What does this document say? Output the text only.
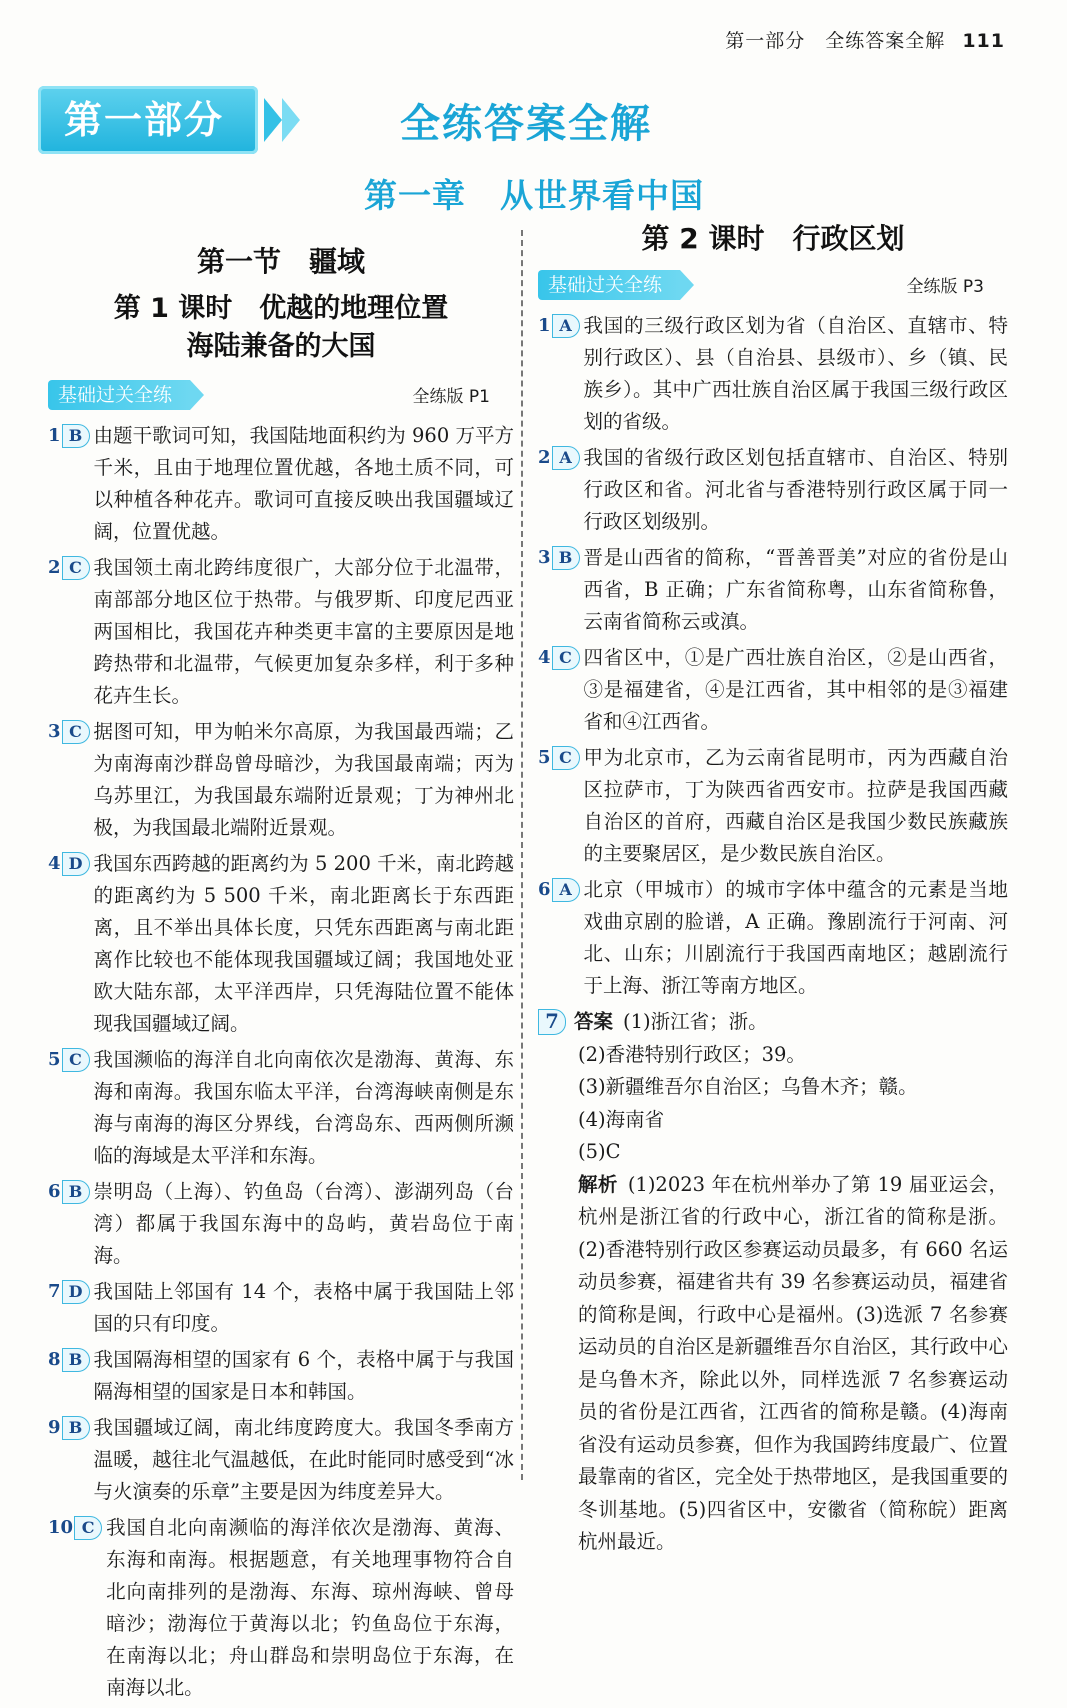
第一部分　全练答案全解 111
第一部分	全练答案全解
第一章　从世界看中国
第一节　疆域
第 1 课时　优越的地理位置
海陆兼备的大国
基础过关全练	全练版 P1
1 B 由题干歌词可知，我国陆地面积约为 960 万平方千米，且由于地理位置优越，各地土质不同，可以种植各种花卉。歌词可直接反映出我国疆域辽阔，位置优越。
2 C 我国领土南北跨纬度很广，大部分位于北温带，南部部分地区位于热带。与俄罗斯、印度尼西亚两国相比，我国花卉种类更丰富的主要原因是地跨热带和北温带，气候更加复杂多样，利于多种花卉生长。
3 C 据图可知，甲为帕米尔高原，为我国最西端；乙为南海南沙群岛曾母暗沙，为我国最南端；丙为乌苏里江，为我国最东端附近景观；丁为神州北极，为我国最北端附近景观。
4 D 我国东西跨越的距离约为 5 200 千米，南北跨越的距离约为 5 500 千米，南北距离长于东西距离，且不举出具体长度，只凭东西距离与南北距离作比较也不能体现我国疆域辽阔；我国地处亚欧大陆东部，太平洋西岸，只凭海陆位置不能体现我国疆域辽阔。
5 C 我国濒临的海洋自北向南依次是渤海、黄海、东海和南海。我国东临太平洋，台湾海峡南侧是东海与南海的海区分界线，台湾岛东、西两侧所濒临的海域是太平洋和东海。
6 B 崇明岛（上海）、钓鱼岛（台湾）、澎湖列岛（台湾）都属于我国东海中的岛屿，黄岩岛位于南海。
7 D 我国陆上邻国有 14 个，表格中属于我国陆上邻国的只有印度。
8 B 我国隔海相望的国家有 6 个，表格中属于与我国隔海相望的国家是日本和韩国。
9 B 我国疆域辽阔，南北纬度跨度大。我国冬季南方温暖，越往北气温越低，在此时能同时感受到“冰与火演奏的乐章”主要是因为纬度差异大。
10 C 我国自北向南濒临的海洋依次是渤海、黄海、东海和南海。根据题意，有关地理事物符合自北向南排列的是渤海、东海、琼州海峡、曾母暗沙；渤海位于黄海以北；钓鱼岛位于东海，在南海以北；舟山群岛和崇明岛位于东海，在南海以北。
第 2 课时　行政区划
基础过关全练	全练版 P3
1 A 我国的三级行政区划为省（自治区、直辖市、特别行政区）、县（自治县、县级市）、乡（镇、民族乡）。其中广西壮族自治区属于我国三级行政区划的省级。
2 A 我国的省级行政区划包括直辖市、自治区、特别行政区和省。河北省与香港特别行政区属于同一行政区划级别。
3 B 晋是山西省的简称，“晋善晋美”对应的省份是山西省，B 正确；广东省简称粤，山东省简称鲁，云南省简称云或滇。
4 C 四省区中，①是广西壮族自治区，②是山西省，③是福建省，④是江西省，其中相邻的是③福建省和④江西省。
5 C 甲为北京市，乙为云南省昆明市，丙为西藏自治区拉萨市，丁为陕西省西安市。拉萨是我国西藏自治区的首府，西藏自治区是我国少数民族藏族的主要聚居区，是少数民族自治区。
6 A 北京（甲城市）的城市字体中蕴含的元素是当地戏曲京剧的脸谱，A 正确。豫剧流行于河南、河北、山东；川剧流行于我国西南地区；越剧流行于上海、浙江等南方地区。
7 答案 (1)浙江省；浙。
(2)香港特别行政区；39。
(3)新疆维吾尔自治区；乌鲁木齐；赣。
(4)海南省
(5)C
解析 (1)2023 年在杭州举办了第 19 届亚运会，杭州是浙江省的行政中心，浙江省的简称是浙。(2)香港特别行政区参赛运动员最多，有 660 名运动员参赛，福建省共有 39 名参赛运动员，福建省的简称是闽，行政中心是福州。(3)选派 7 名参赛运动员的自治区是新疆维吾尔自治区，其行政中心是乌鲁木齐，除此以外，同样选派 7 名参赛运动员的省份是江西省，江西省的简称是赣。(4)海南省没有运动员参赛，但作为我国跨纬度最广、位置最靠南的省区，完全处于热带地区，是我国重要的冬训基地。(5)四省区中，安徽省（简称皖）距离杭州最近。
